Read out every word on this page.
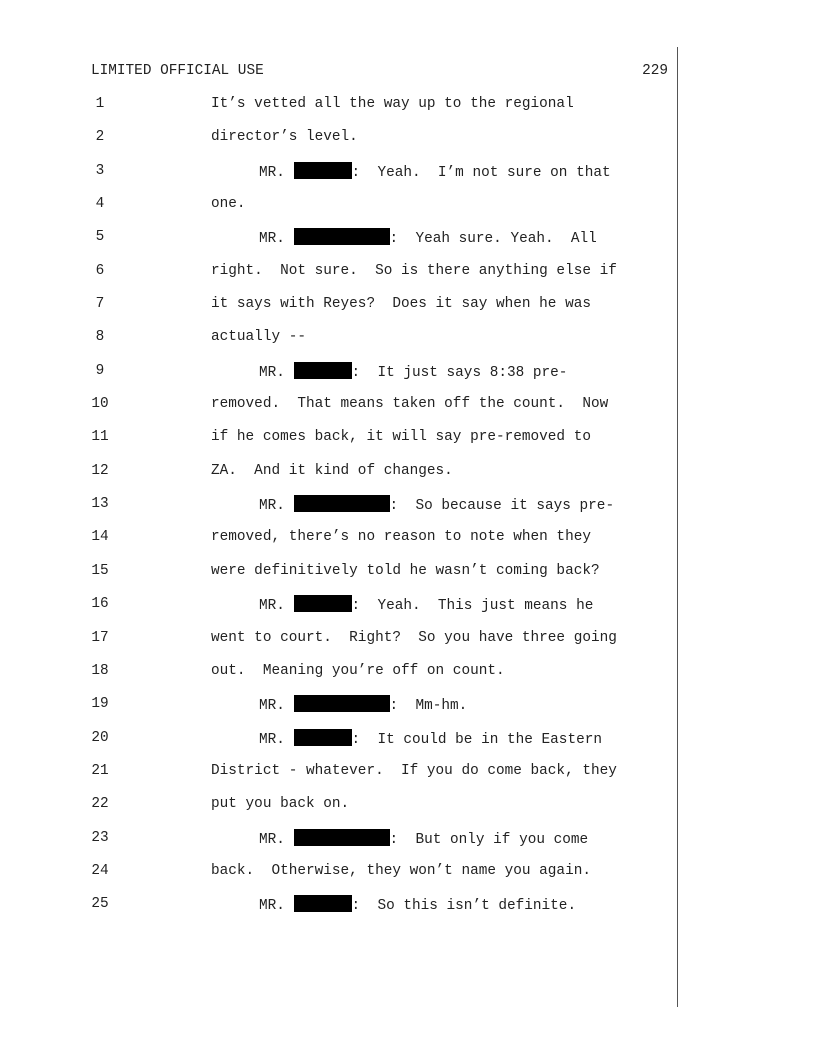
LIMITED OFFICIAL USE	229
1	It’s vetted all the way up to the regional
2	director’s level.
3	MR.	:  Yeah.  I’m not sure on that
4	one.
5	MR.	:  Yeah sure. Yeah.  All
6	right.  Not sure.  So is there anything else if
7	it says with Reyes?  Does it say when he was
8	actually --
9	MR.	:  It just says 8:38 pre-
10	removed.  That means taken off the count.  Now
11	if he comes back, it will say pre-removed to
12	ZA.  And it kind of changes.
13	MR.	:  So because it says pre-
14	removed, there’s no reason to note when they
15	were definitively told he wasn’t coming back?
16	MR.	:  Yeah.  This just means he
17	went to court.  Right?  So you have three going
18	out.  Meaning you’re off on count.
19	MR.	:  Mm-hm.
20	MR.	:  It could be in the Eastern
21	District - whatever.  If you do come back, they
22	put you back on.
23	MR.	:  But only if you come
24	back.  Otherwise, they won’t name you again.
25	MR.	:  So this isn’t definite.
